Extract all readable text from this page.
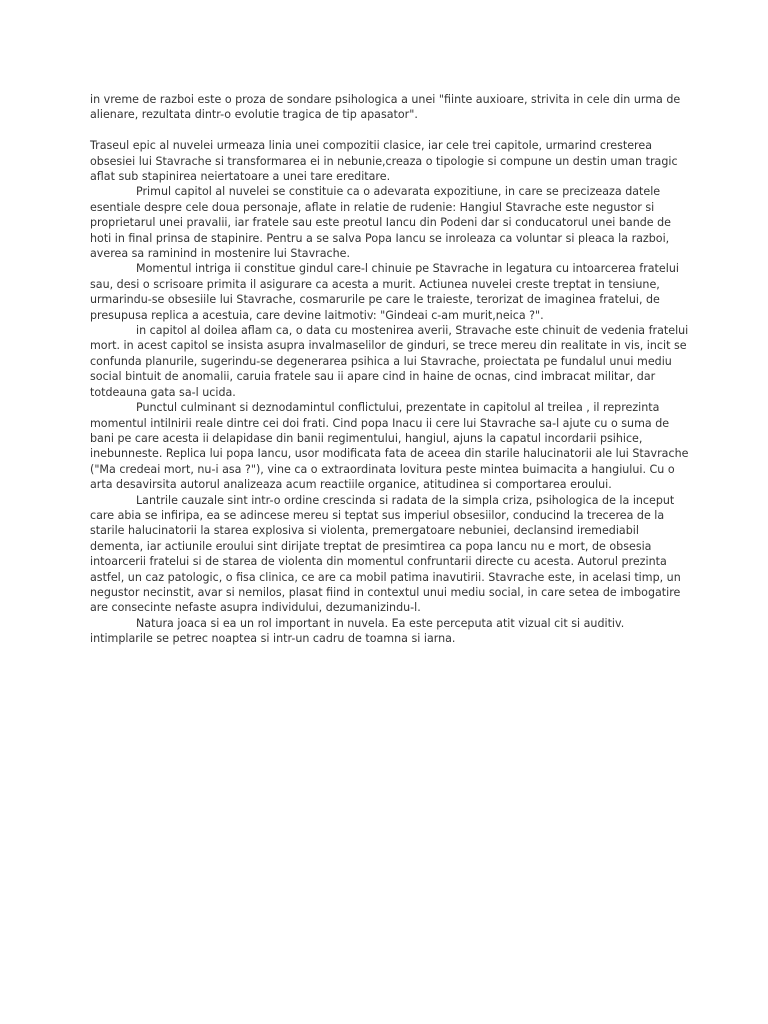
in vreme de razboi este o proza de sondare psihologica a unei "fiinte auxioare, strivita in cele din urma de alienare, rezultata dintr-o evolutie tragica de tip apasator".

Traseul epic al nuvelei urmeaza linia unei compozitii clasice, iar cele trei capitole, urmarind cresterea obsesiei lui Stavrache si transformarea ei in nebunie,creaza o tipologie si compune un destin uman tragic aflat sub stapinirea neiertatoare a unei tare ereditare.

Primul capitol al nuvelei se constituie ca o adevarata expozitiune, in care se precizeaza datele esentiale despre cele doua personaje, aflate in relatie de rudenie: Hangiul Stavrache este negustor si proprietarul unei pravalii, iar fratele sau este preotul Iancu din Podeni dar si conducatorul unei bande de hoti in final prinsa de stapinire. Pentru a se salva Popa Iancu se inroleaza ca voluntar si pleaca la razboi, averea sa raminind in mostenire lui Stavrache.

Momentul intriga ii constitue gindul care-l chinuie pe Stavrache in legatura cu intoarcerea fratelui sau, desi o scrisoare primita il asigurare ca acesta a murit. Actiunea nuvelei creste treptat in tensiune, urmarindu-se obsesiile lui Stavrache, cosmarurile pe care le traieste, terorizat de imaginea fratelui, de presupusa replica a acestuia, care devine laitmotiv: "Gindeai c-am murit,neica ?".

in capitol al doilea aflam ca, o data cu mostenirea averii, Stravache este chinuit de vedenia fratelui mort. in acest capitol se insista asupra invalmaselilor de ginduri, se trece mereu din realitate in vis, incit se confunda planurile, sugerindu-se degenerarea psihica a lui Stavrache, proiectata pe fundalul unui mediu social bintuit de anomalii, caruia fratele sau ii apare cind in haine de ocnas, cind imbracat militar, dar totdeauna gata sa-l ucida.

Punctul culminant si deznodamintul conflictului, prezentate in capitolul al treilea , il reprezinta momentul intilnirii reale dintre cei doi frati. Cind popa Inacu ii cere lui Stavrache sa-l ajute cu o suma de bani pe care acesta ii delapidase din banii regimentului, hangiul, ajuns la capatul incordarii psihice, inebunneste. Replica lui popa Iancu, usor modificata fata de aceea din starile halucinatorii ale lui Stavrache ("Ma credeai mort, nu-i asa ?"), vine ca o extraordinata lovitura peste mintea buimacita a hangiului. Cu o arta desavirsita autorul analizeaza acum reactiile organice, atitudinea si comportarea eroului.

Lantrile cauzale sint intr-o ordine crescinda si radata de la simpla criza, psihologica de la inceput care abia se infiripa, ea se adincese mereu si teptat sus imperiul obsesiilor, conducind la trecerea de la starile halucinatorii la starea explosiva si violenta, premergatoare nebuniei, declansind iremediabil dementa, iar actiunile eroului sint dirijate treptat de presimtirea ca popa Iancu nu e mort, de obsesia intoarcerii fratelui si de starea de violenta din momentul confruntarii directe cu acesta. Autorul prezinta astfel, un caz patologic, o fisa clinica, ce are ca mobil patima inavutirii. Stavrache este, in acelasi timp, un negustor necinstit, avar si nemilos, plasat fiind in contextul unui mediu social, in care setea de imbogatire are consecinte nefaste asupra individului, dezumanizindu-l.

Natura joaca si ea un rol important in nuvela. Ea este perceputa atit vizual cit si auditiv. intimplarile se petrec noaptea si intr-un cadru de toamna si iarna.
